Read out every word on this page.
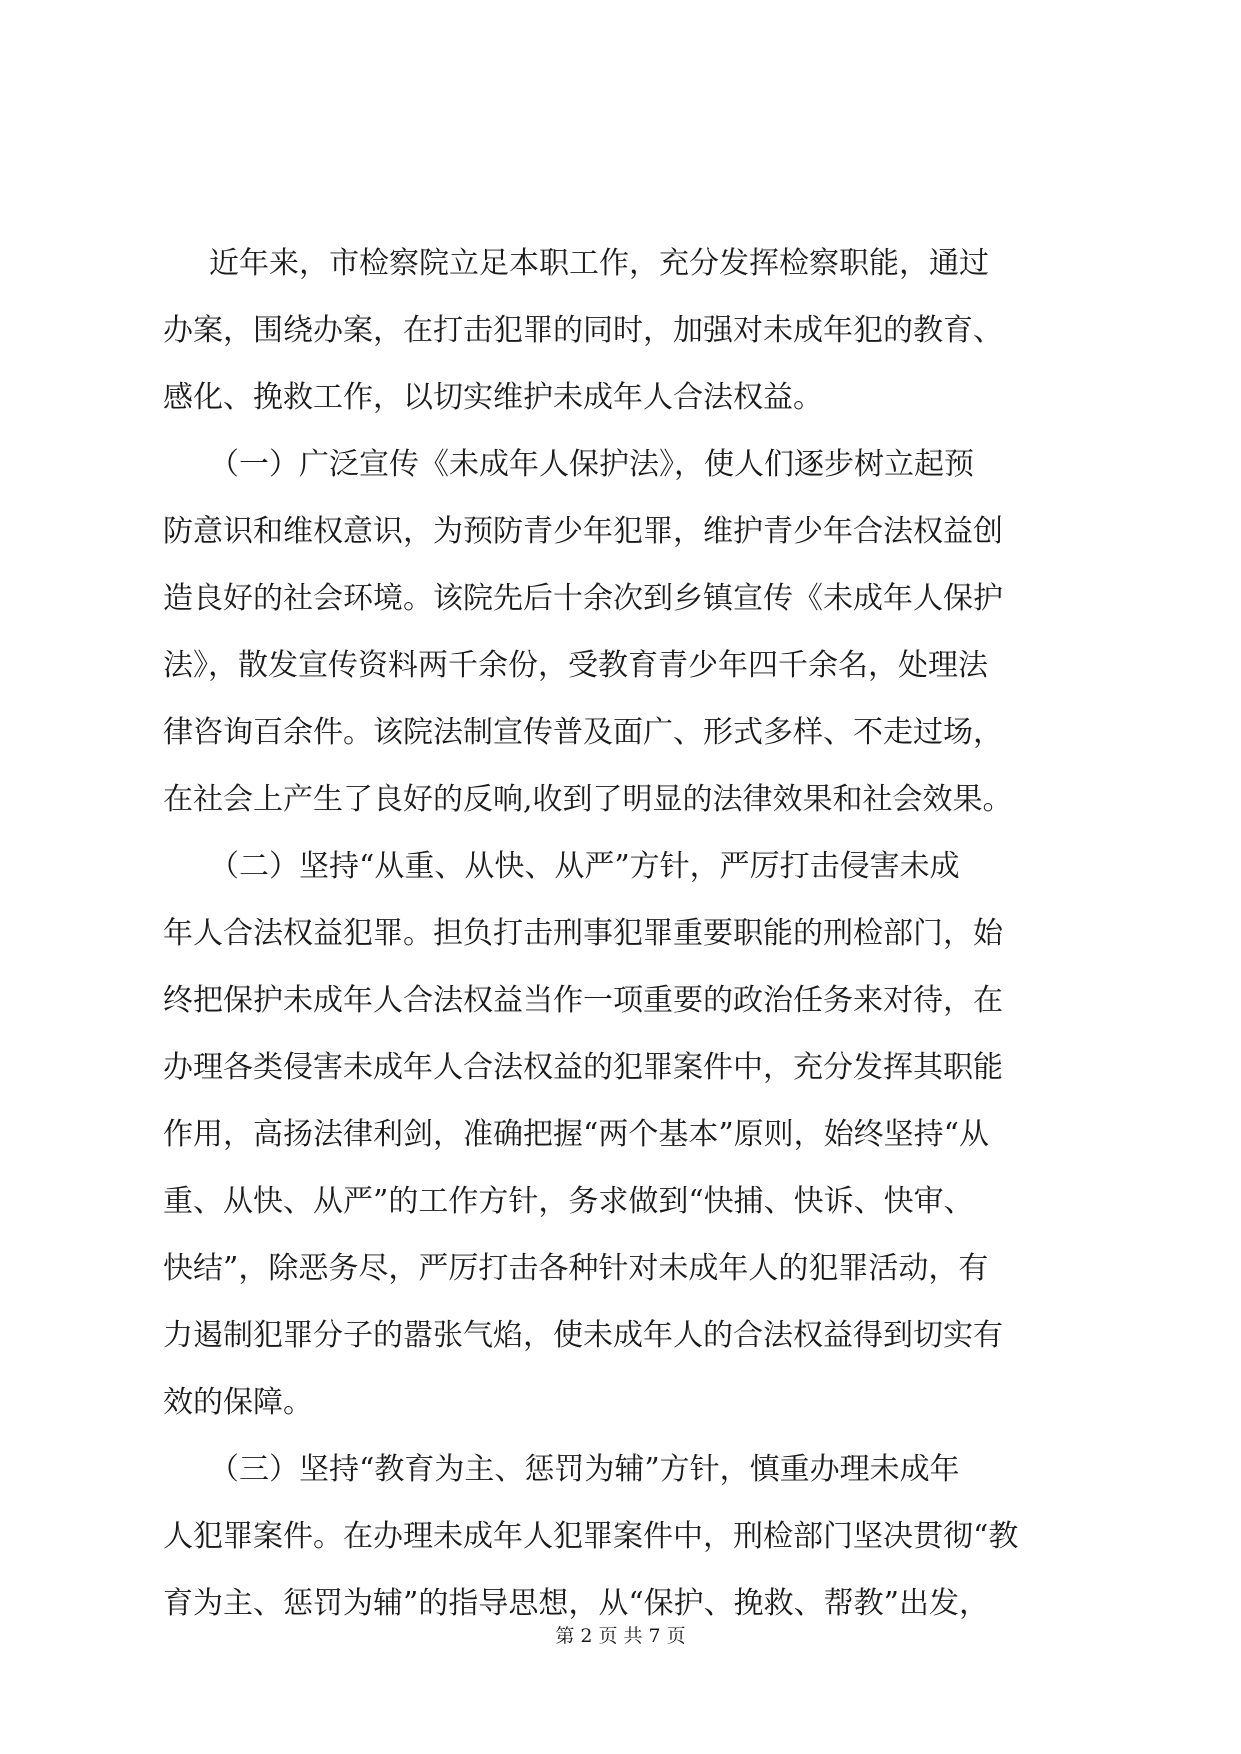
近年来，市检察院立足本职工作，充分发挥检察职能，通过
办案，围绕办案，在打击犯罪的同时，加强对未成年犯的教育、
感化、挽救工作，以切实维护未成年人合法权益。
（一）广泛宣传《未成年人保护法》，使人们逐步树立起预
防意识和维权意识，为预防青少年犯罪，维护青少年合法权益创
造良好的社会环境。该院先后十余次到乡镇宣传《未成年人保护
法》，散发宣传资料两千余份，受教育青少年四千余名，处理法
律咨询百余件。该院法制宣传普及面广、形式多样、不走过场，
在社会上产生了良好的反响,收到了明显的法律效果和社会效果。
（二）坚持“从重、从快、从严”方针，严厉打击侵害未成
年人合法权益犯罪。担负打击刑事犯罪重要职能的刑检部门，始
终把保护未成年人合法权益当作一项重要的政治任务来对待，在
办理各类侵害未成年人合法权益的犯罪案件中，充分发挥其职能
作用，高扬法律利剑，准确把握“两个基本”原则，始终坚持“从
重、从快、从严”的工作方针，务求做到“快捕、快诉、快审、
快结”，除恶务尽，严厉打击各种针对未成年人的犯罪活动，有
力遏制犯罪分子的嚣张气焰，使未成年人的合法权益得到切实有
效的保障。
（三）坚持“教育为主、惩罚为辅”方针，慎重办理未成年
人犯罪案件。在办理未成年人犯罪案件中，刑检部门坚决贯彻“教
育为主、惩罚为辅”的指导思想，从“保护、挽救、帮教”出发，
第 2 页 共 7 页
